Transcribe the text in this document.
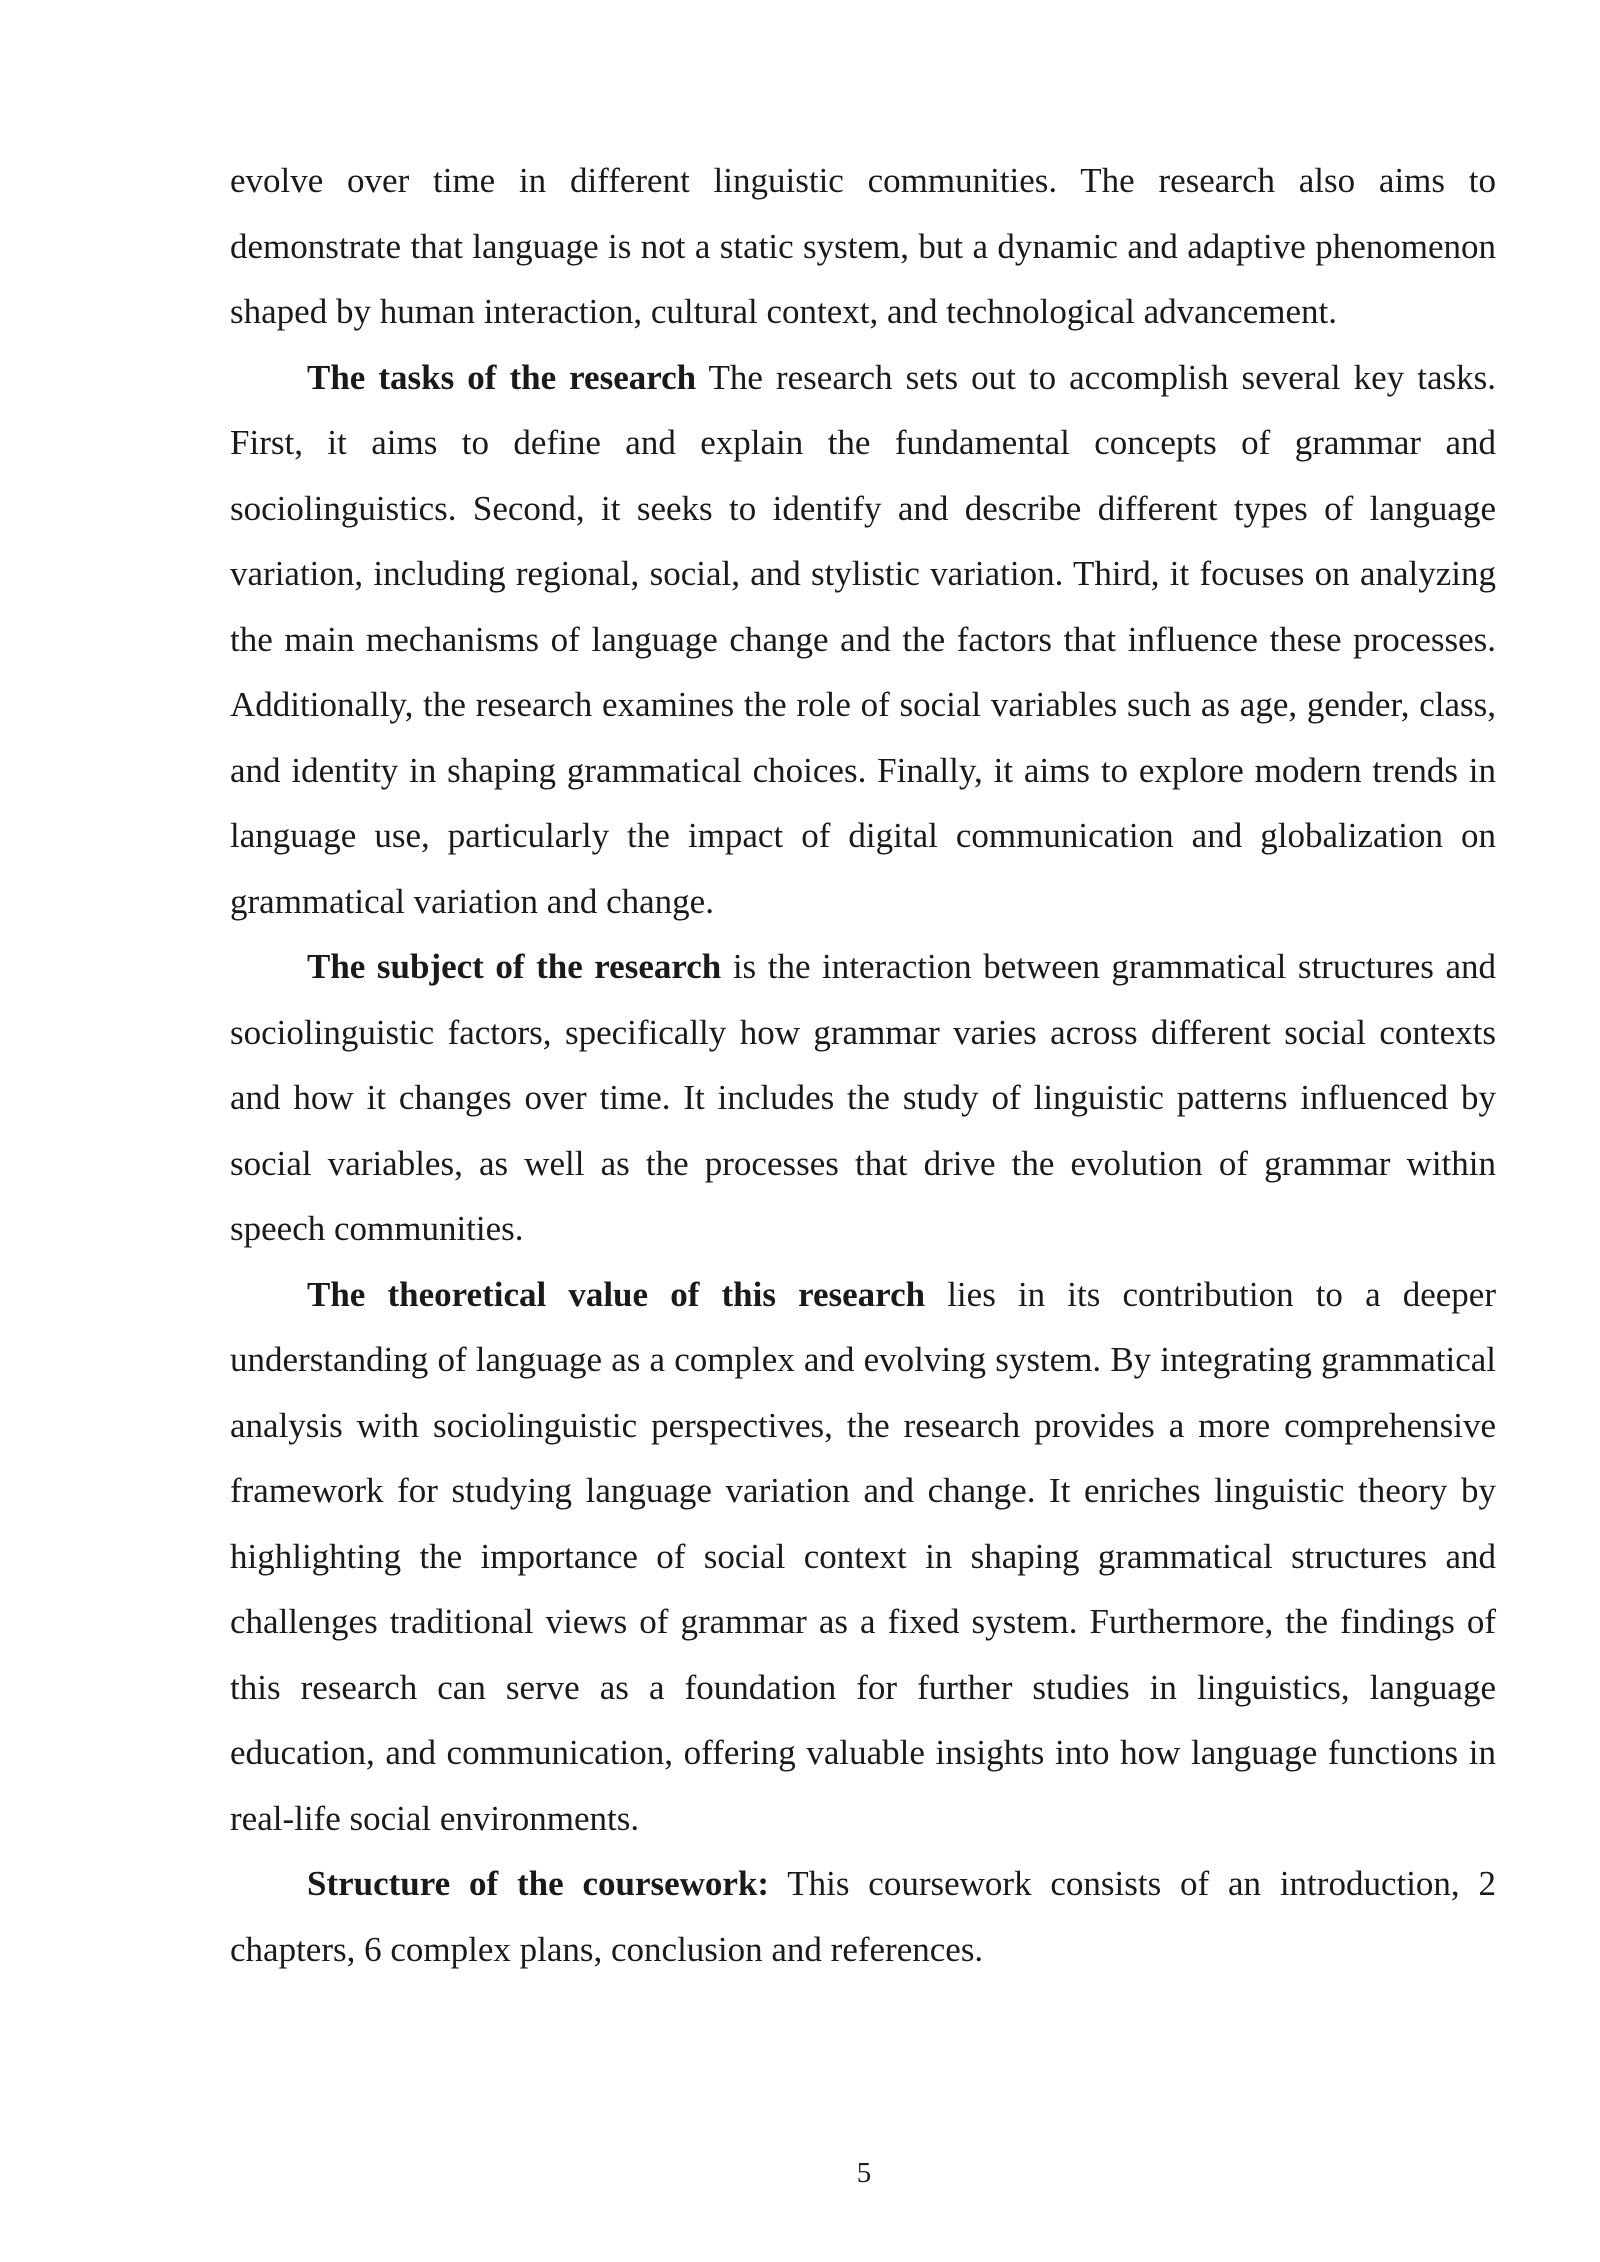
evolve over time in different linguistic communities. The research also aims to demonstrate that language is not a static system, but a dynamic and adaptive phenomenon shaped by human interaction, cultural context, and technological advancement.

The tasks of the research The research sets out to accomplish several key tasks. First, it aims to define and explain the fundamental concepts of grammar and sociolinguistics. Second, it seeks to identify and describe different types of language variation, including regional, social, and stylistic variation. Third, it focuses on analyzing the main mechanisms of language change and the factors that influence these processes. Additionally, the research examines the role of social variables such as age, gender, class, and identity in shaping grammatical choices. Finally, it aims to explore modern trends in language use, particularly the impact of digital communication and globalization on grammatical variation and change.

The subject of the research is the interaction between grammatical structures and sociolinguistic factors, specifically how grammar varies across different social contexts and how it changes over time. It includes the study of linguistic patterns influenced by social variables, as well as the processes that drive the evolution of grammar within speech communities.

The theoretical value of this research lies in its contribution to a deeper understanding of language as a complex and evolving system. By integrating grammatical analysis with sociolinguistic perspectives, the research provides a more comprehensive framework for studying language variation and change. It enriches linguistic theory by highlighting the importance of social context in shaping grammatical structures and challenges traditional views of grammar as a fixed system. Furthermore, the findings of this research can serve as a foundation for further studies in linguistics, language education, and communication, offering valuable insights into how language functions in real-life social environments.

Structure of the coursework: This coursework consists of an introduction, 2 chapters, 6 complex plans, conclusion and references.

5
